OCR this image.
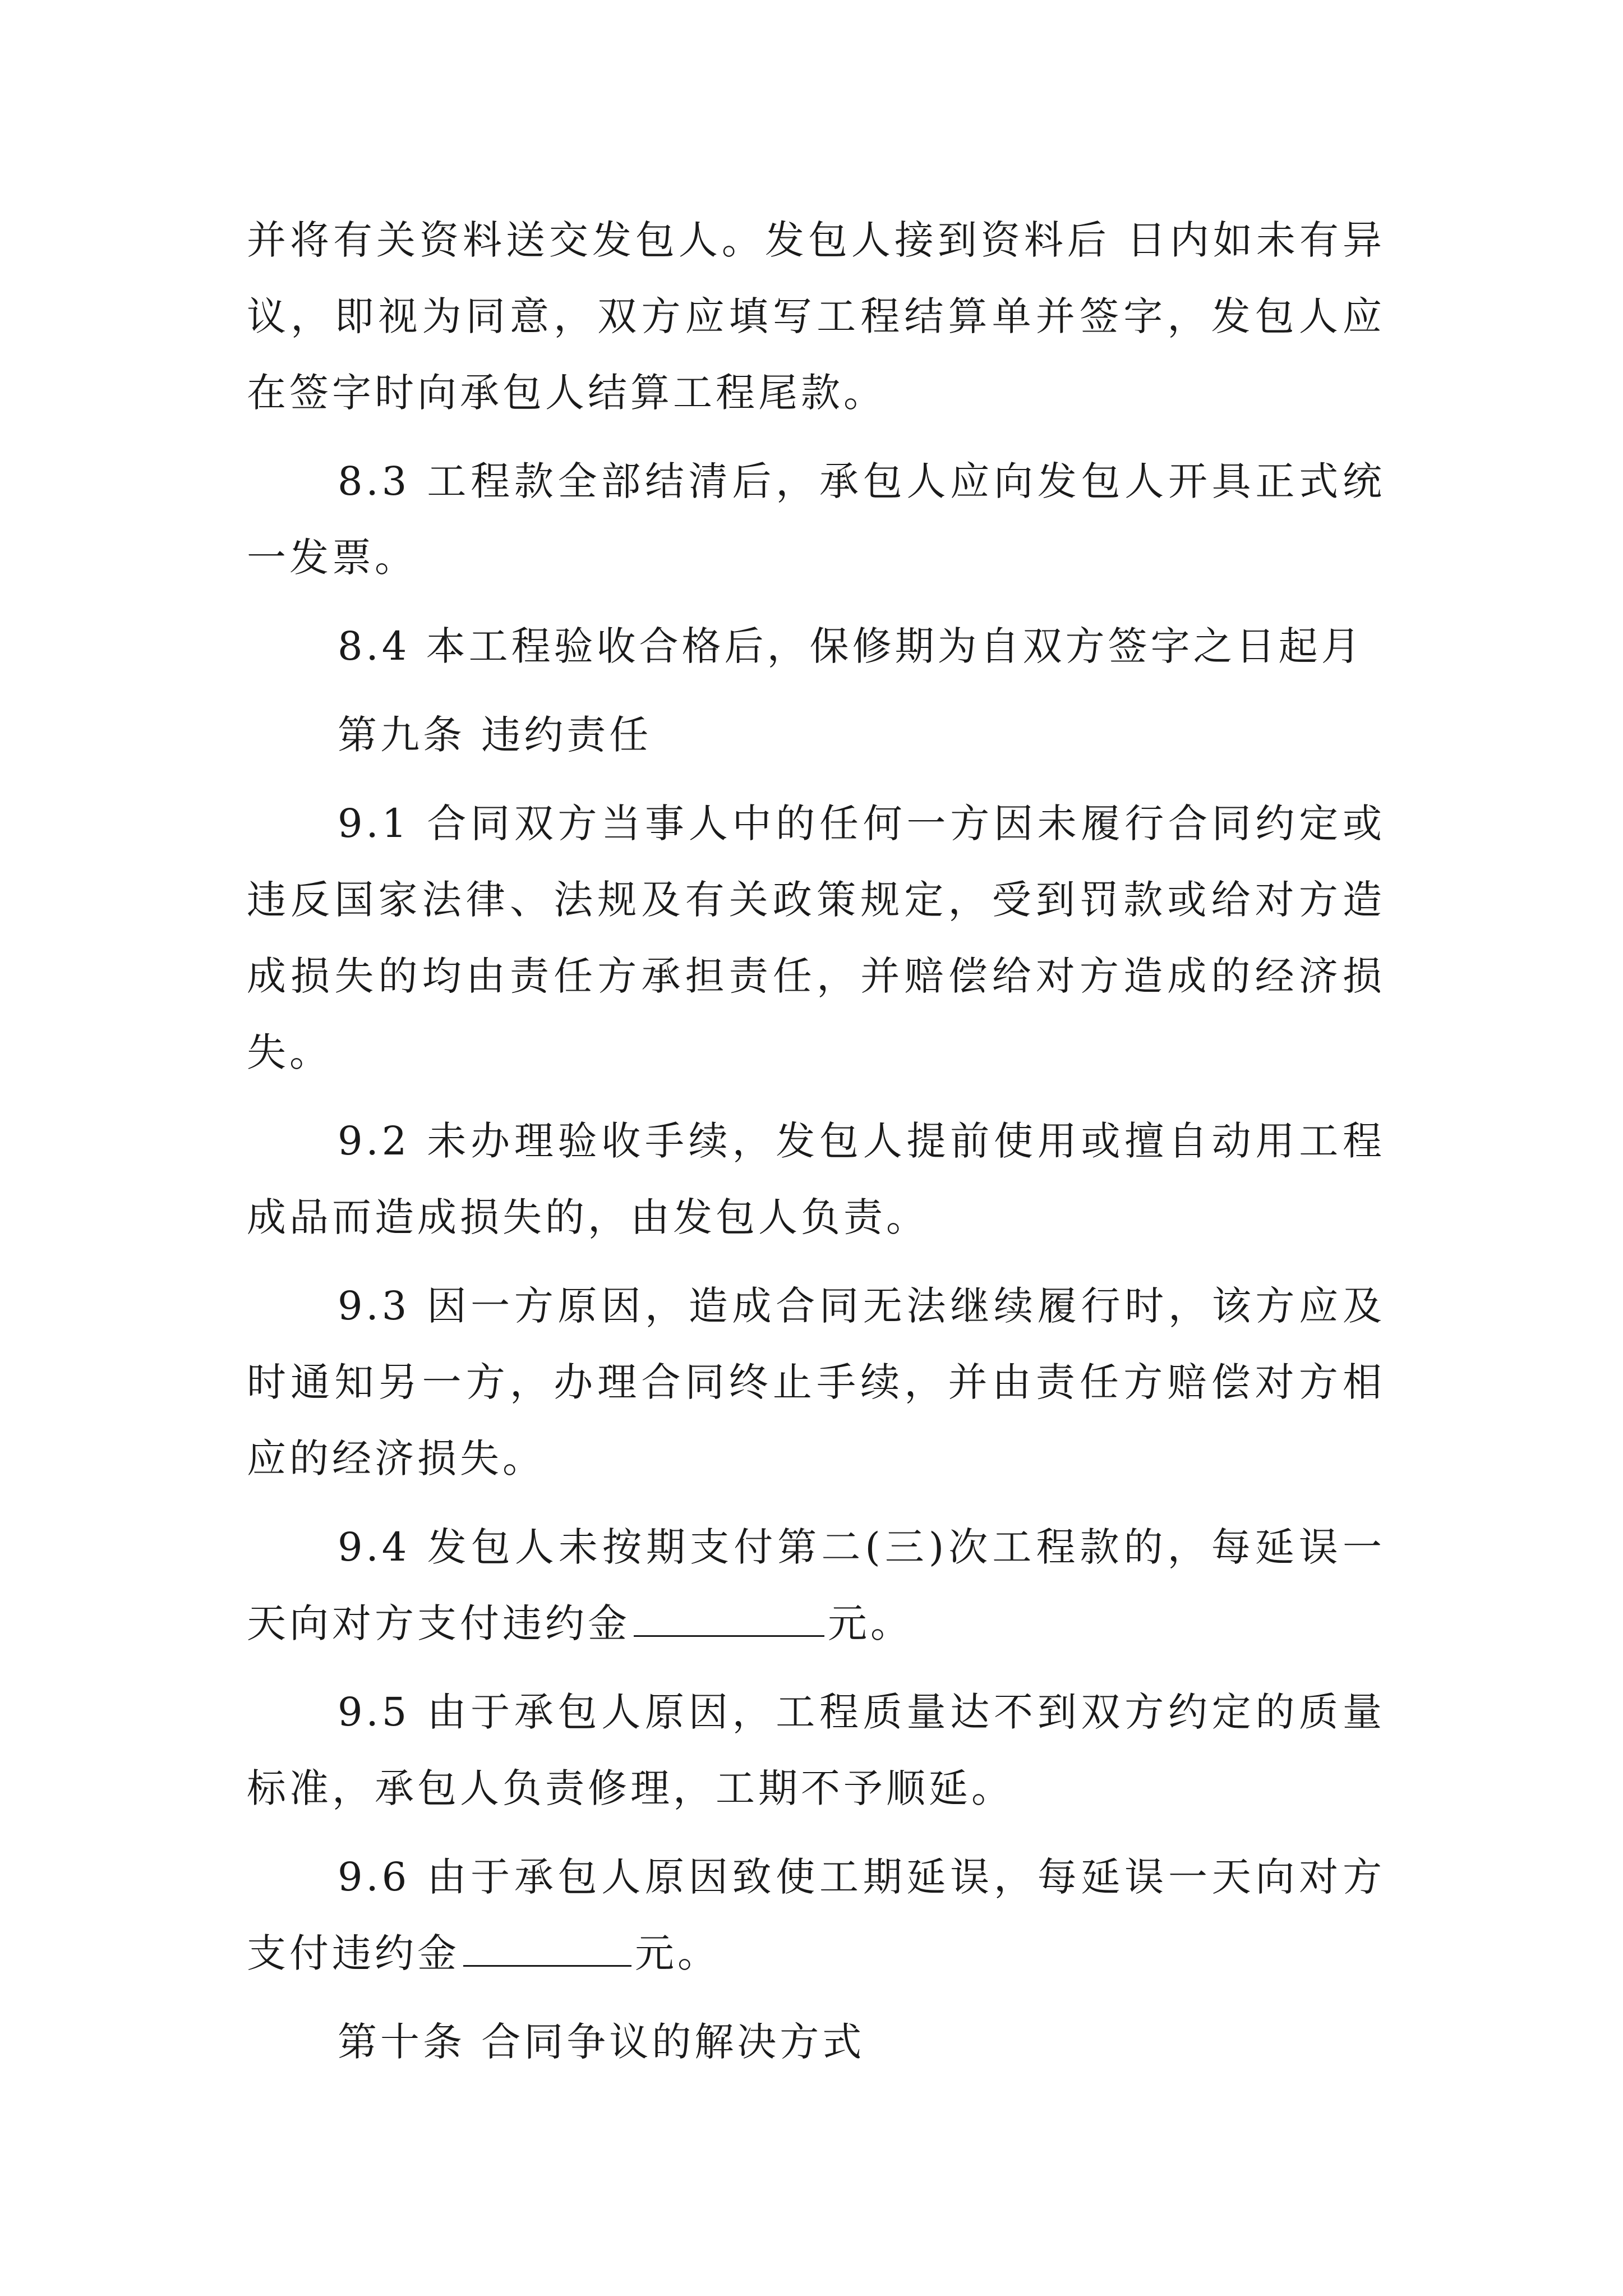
并将有关资料送交发包人。发包人接到资料后 日内如未有异议，即视为同意，双方应填写工程结算单并签字，发包人应在签字时向承包人结算工程尾款。

8.3 工程款全部结清后，承包人应向发包人开具正式统一发票。

8.4 本工程验收合格后，保修期为自双方签字之日起月

第九条 违约责任

9.1 合同双方当事人中的任何一方因未履行合同约定或违反国家法律、法规及有关政策规定，受到罚款或给对方造成损失的均由责任方承担责任，并赔偿给对方造成的经济损失。

9.2 未办理验收手续，发包人提前使用或擅自动用工程成品而造成损失的，由发包人负责。

9.3 因一方原因，造成合同无法继续履行时，该方应及时通知另一方，办理合同终止手续，并由责任方赔偿对方相应的经济损失。

9.4 发包人未按期支付第二(三)次工程款的，每延误一天向对方支付违约金	元。

9.5 由于承包人原因，工程质量达不到双方约定的质量标准，承包人负责修理，工期不予顺延。

9.6 由于承包人原因致使工期延误，每延误一天向对方支付违约金	元。

第十条 合同争议的解决方式
